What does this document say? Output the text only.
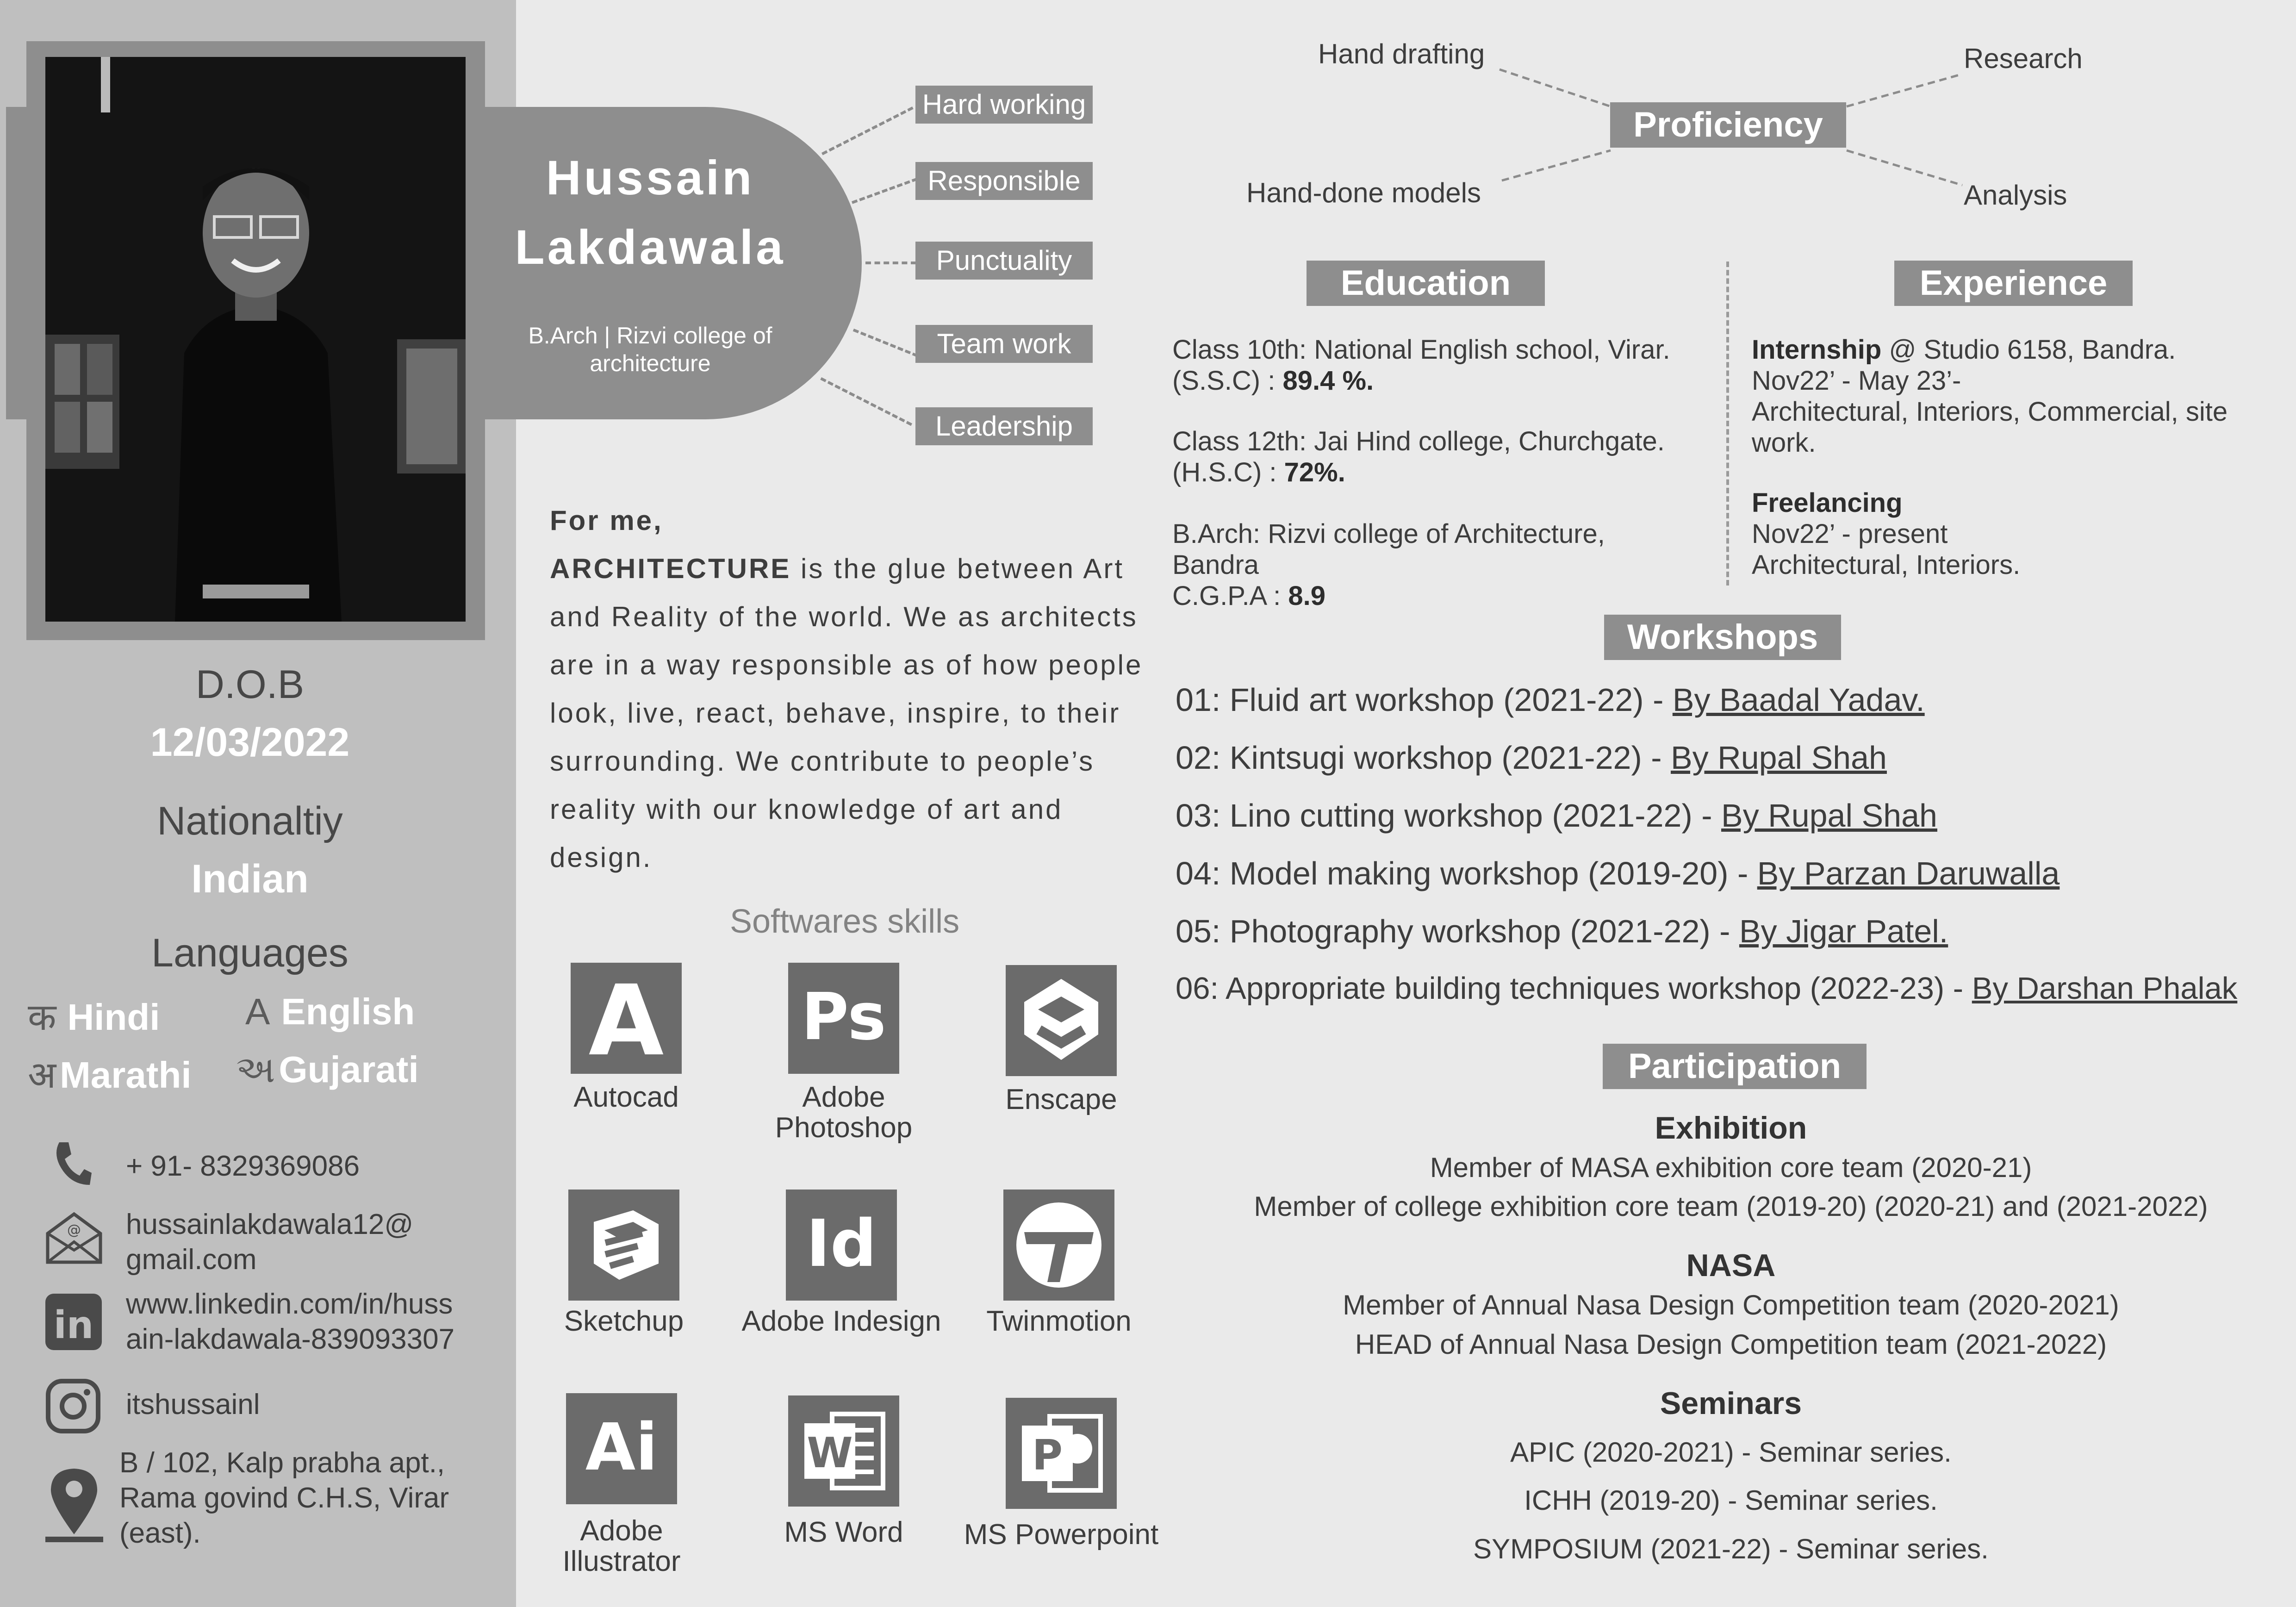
Hussain
Lakdawala
B.Arch | Rizvi college of architecture
D.O.B
12/03/2022
Nationaltiy
Indian
Languages
क Hindi A English
अ Marathi અ Gujarati
+ 91- 8329369086
@ hussainlakdawala12@
gmail.com
in www.linkedin.com/in/huss
ain-lakdawala-839093307
itshussainl
B / 102, Kalp prabha apt.,
Rama govind C.H.S, Virar
(east).
Hard working
Responsible
Punctuality
Team work
Leadership
For me,
ARCHITECTURE is the glue between Art and Reality of the world. We as architects are in a way responsible as of how people look, live, react, behave, inspire, to their surrounding. We contribute to people’s reality with our knowledge of art and design.
Softwares skills
A
Autocad
Ps
Adobe Photoshop
Enscape
Sketchup
Id
Adobe Indesign	Twinmotion
Ai
Adobe Illustrator
W
MS Word
P
MS Powerpoint
Proficiency
Hand drafting	Research
Hand-done models	Analysis
Education
Class 10th: National English school, Virar.
(S.S.C) : 89.4 %.
Class 12th: Jai Hind college, Churchgate.
(H.S.C) : 72%.
B.Arch: Rizvi college of Architecture,
Bandra
C.G.P.A : 8.9
Experience
Internship @ Studio 6158, Bandra.
Nov22’ - May 23’-
Architectural, Interiors, Commercial, site
work.
Freelancing
Nov22’ - present
Architectural, Interiors.
Workshops
01: Fluid art workshop (2021-22) - By Baadal Yadav.
02: Kintsugi workshop (2021-22) - By Rupal Shah
03: Lino cutting workshop (2021-22) - By Rupal Shah
04: Model making workshop (2019-20) - By Parzan Daruwalla
05: Photography workshop (2021-22) - By Jigar Patel.
06: Appropriate building techniques workshop (2022-23) - By Darshan Phalak
Participation
Exhibition
Member of MASA exhibition core team (2020-21)
Member of college exhibition core team (2019-20) (2020-21) and (2021-2022)
NASA
Member of Annual Nasa Design Competition team (2020-2021)
HEAD of Annual Nasa Design Competition team (2021-2022)
Seminars
APIC (2020-2021) - Seminar series.
ICHH (2019-20) - Seminar series.
SYMPOSIUM (2021-22) - Seminar series.
